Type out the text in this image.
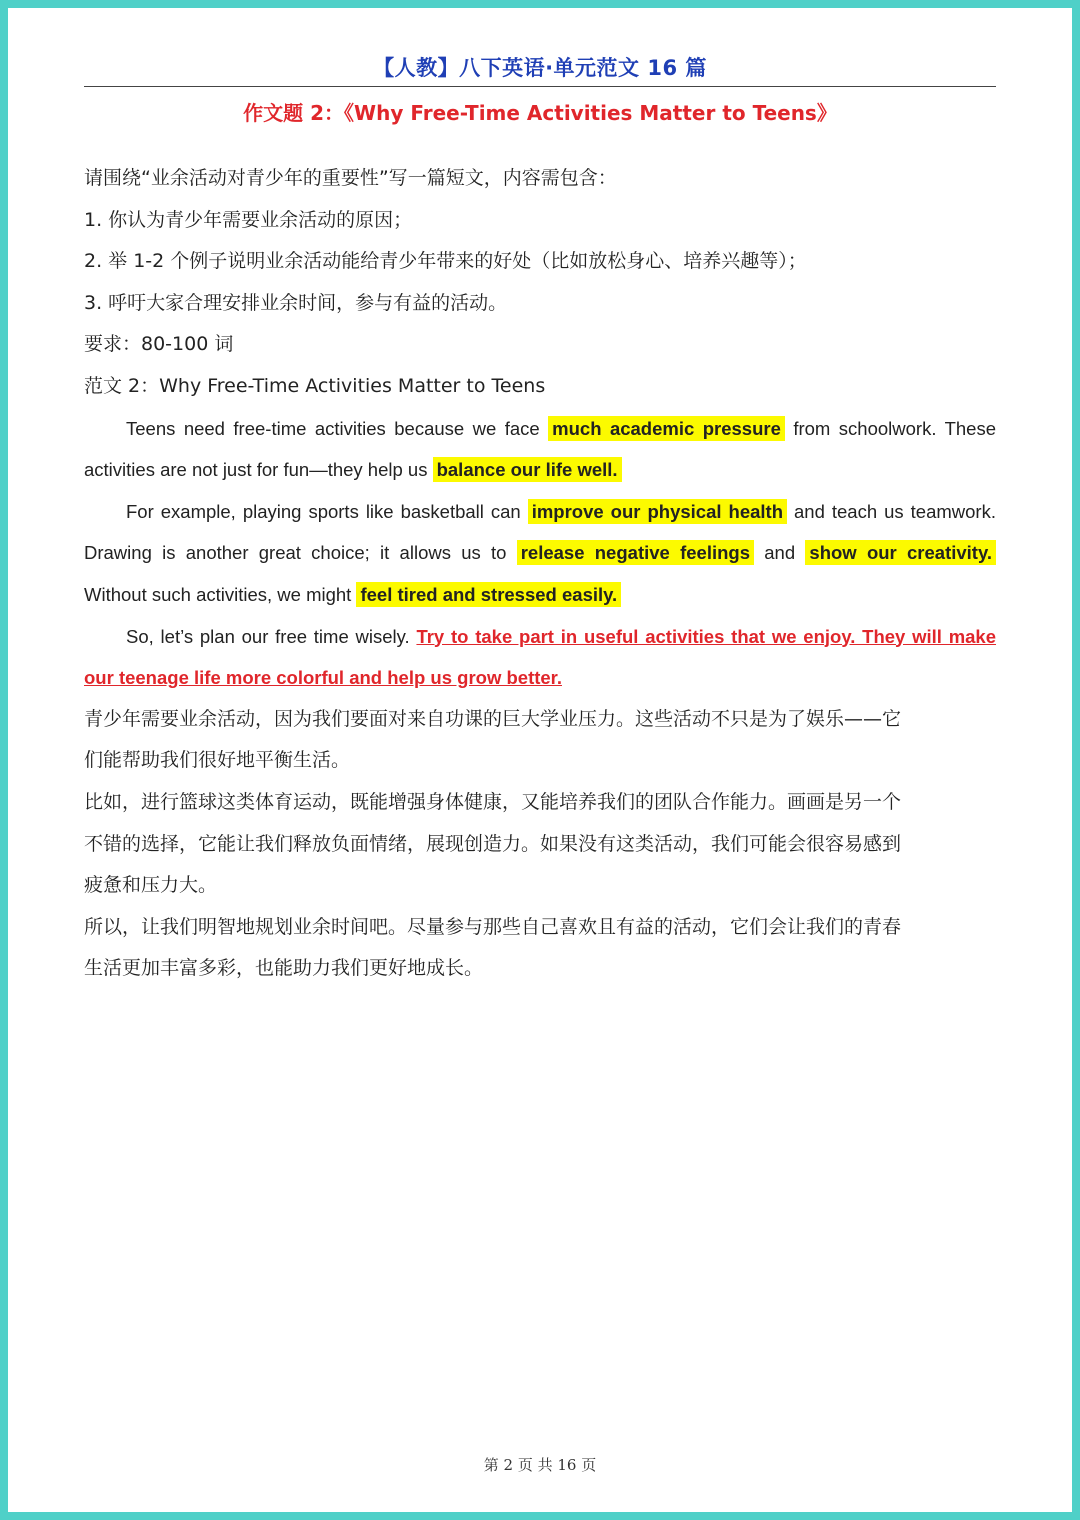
【人教】八下英语·单元范文 16 篇
作文题 2：《Why Free-Time Activities Matter to Teens》
请围绕“业余活动对青少年的重要性”写一篇短文，内容需包含：
1. 你认为青少年需要业余活动的原因；
2. 举 1-2 个例子说明业余活动能给青少年带来的好处（比如放松身心、培养兴趣等）；
3. 呼吁大家合理安排业余时间，参与有益的活动。
要求：80-100 词
范文 2：Why Free-Time Activities Matter to Teens
Teens need free-time activities because we face much academic pressure from schoolwork. These
activities are not just for fun—they help us balance our life well.
For example, playing sports like basketball can improve our physical health and teach us teamwork.
Drawing is another great choice; it allows us to release negative feelings and show our creativity.
Without such activities, we might feel tired and stressed easily.
So, let’s plan our free time wisely. Try to take part in useful activities that we enjoy. They will make
our teenage life more colorful and help us grow better.
青少年需要业余活动，因为我们要面对来自功课的巨大学业压力。这些活动不只是为了娱乐——它
们能帮助我们很好地平衡生活。
比如，进行篮球这类体育运动，既能增强身体健康，又能培养我们的团队合作能力。画画是另一个
不错的选择，它能让我们释放负面情绪，展现创造力。如果没有这类活动，我们可能会很容易感到
疲惫和压力大。
所以，让我们明智地规划业余时间吧。尽量参与那些自己喜欢且有益的活动，它们会让我们的青春
生活更加丰富多彩，也能助力我们更好地成长。
第 2 页 共 16 页
